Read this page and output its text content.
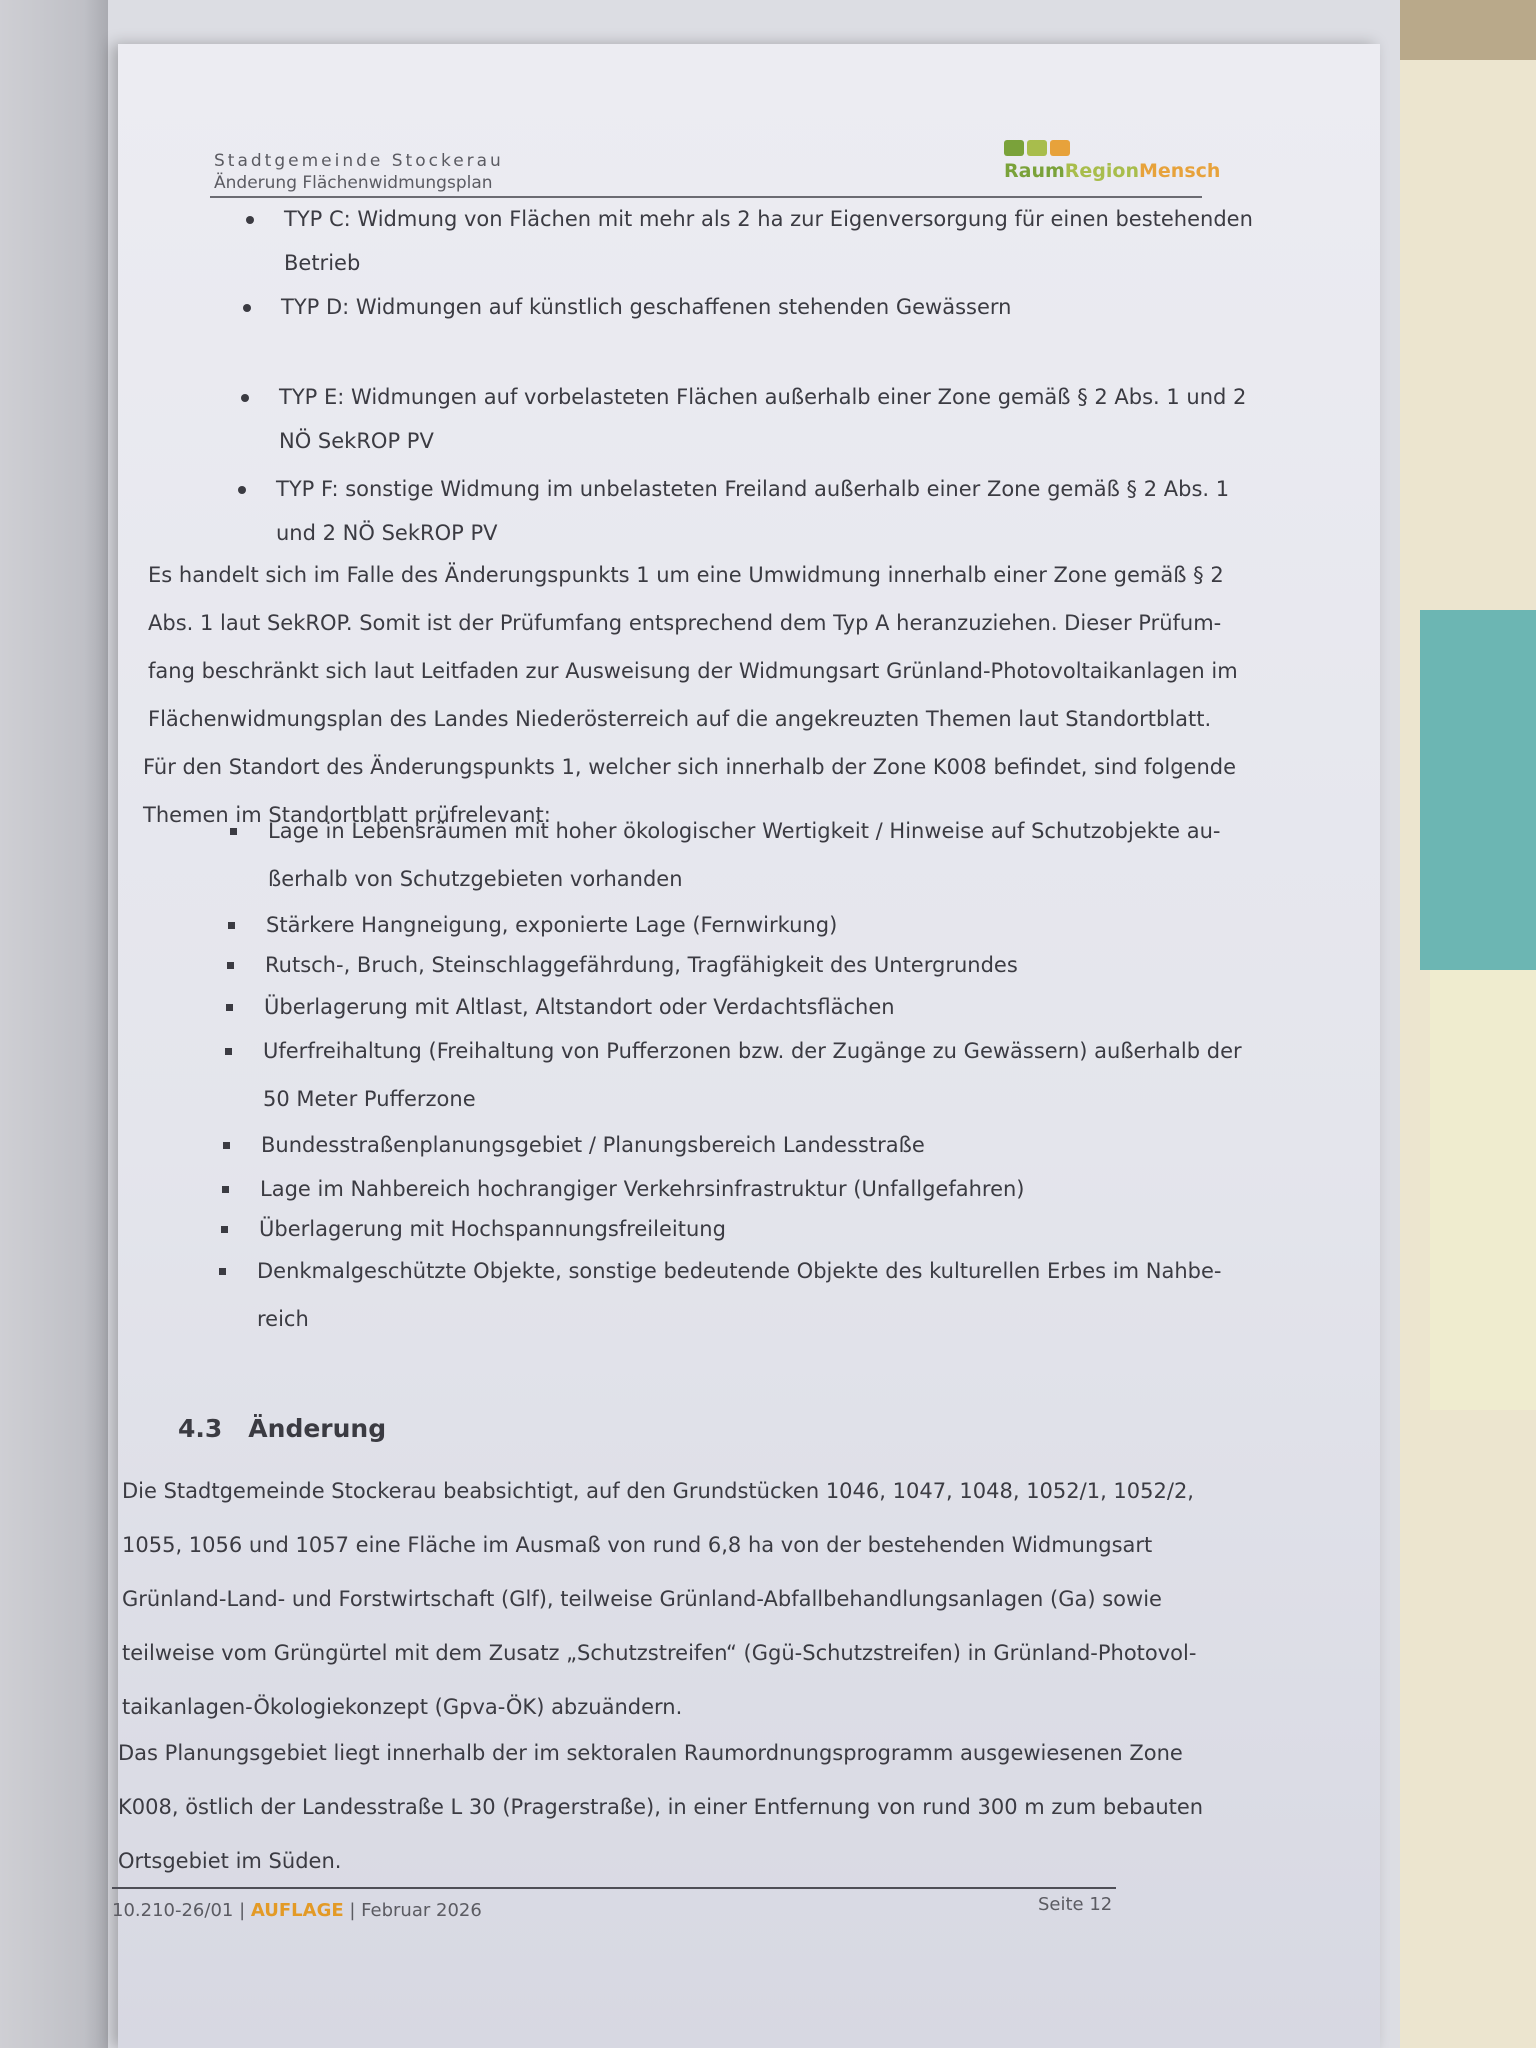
Stadtgemeinde Stockerau
Änderung Flächenwidmungsplan
RaumRegionMensch
TYP C: Widmung von Flächen mit mehr als 2 ha zur Eigenversorgung für einen bestehenden
Betrieb
TYP D: Widmungen auf künstlich geschaffenen stehenden Gewässern
TYP E: Widmungen auf vorbelasteten Flächen außerhalb einer Zone gemäß § 2 Abs. 1 und 2
NÖ SekROP PV
TYP F: sonstige Widmung im unbelasteten Freiland außerhalb einer Zone gemäß § 2 Abs. 1
und 2 NÖ SekROP PV
Es handelt sich im Falle des Änderungspunkts 1 um eine Umwidmung innerhalb einer Zone gemäß § 2
Abs. 1 laut SekROP. Somit ist der Prüfumfang entsprechend dem Typ A heranzuziehen. Dieser Prüfum-
fang beschränkt sich laut Leitfaden zur Ausweisung der Widmungsart Grünland-Photovoltaikanlagen im
Flächenwidmungsplan des Landes Niederösterreich auf die angekreuzten Themen laut Standortblatt.
Für den Standort des Änderungspunkts 1, welcher sich innerhalb der Zone K008 befindet, sind folgende
Themen im Standortblatt prüfrelevant:
Lage in Lebensräumen mit hoher ökologischer Wertigkeit / Hinweise auf Schutzobjekte au-
ßerhalb von Schutzgebieten vorhanden
Stärkere Hangneigung, exponierte Lage (Fernwirkung)
Rutsch-, Bruch, Steinschlaggefährdung, Tragfähigkeit des Untergrundes
Überlagerung mit Altlast, Altstandort oder Verdachtsflächen
Uferfreihaltung (Freihaltung von Pufferzonen bzw. der Zugänge zu Gewässern) außerhalb der
50 Meter Pufferzone
Bundesstraßenplanungsgebiet / Planungsbereich Landesstraße
Lage im Nahbereich hochrangiger Verkehrsinfrastruktur (Unfallgefahren)
Überlagerung mit Hochspannungsfreileitung
Denkmalgeschützte Objekte, sonstige bedeutende Objekte des kulturellen Erbes im Nahbe-
reich
4.3 Änderung
Die Stadtgemeinde Stockerau beabsichtigt, auf den Grundstücken 1046, 1047, 1048, 1052/1, 1052/2,
1055, 1056 und 1057 eine Fläche im Ausmaß von rund 6,8 ha von der bestehenden Widmungsart
Grünland-Land- und Forstwirtschaft (Glf), teilweise Grünland-Abfallbehandlungsanlagen (Ga) sowie
teilweise vom Grüngürtel mit dem Zusatz „Schutzstreifen“ (Ggü-Schutzstreifen) in Grünland-Photovol-
taikanlagen-Ökologiekonzept (Gpva-ÖK) abzuändern.
Das Planungsgebiet liegt innerhalb der im sektoralen Raumordnungsprogramm ausgewiesenen Zone
K008, östlich der Landesstraße L 30 (Pragerstraße), in einer Entfernung von rund 300 m zum bebauten
Ortsgebiet im Süden.
10.210-26/01 | AUFLAGE | Februar 2026	Seite 12
